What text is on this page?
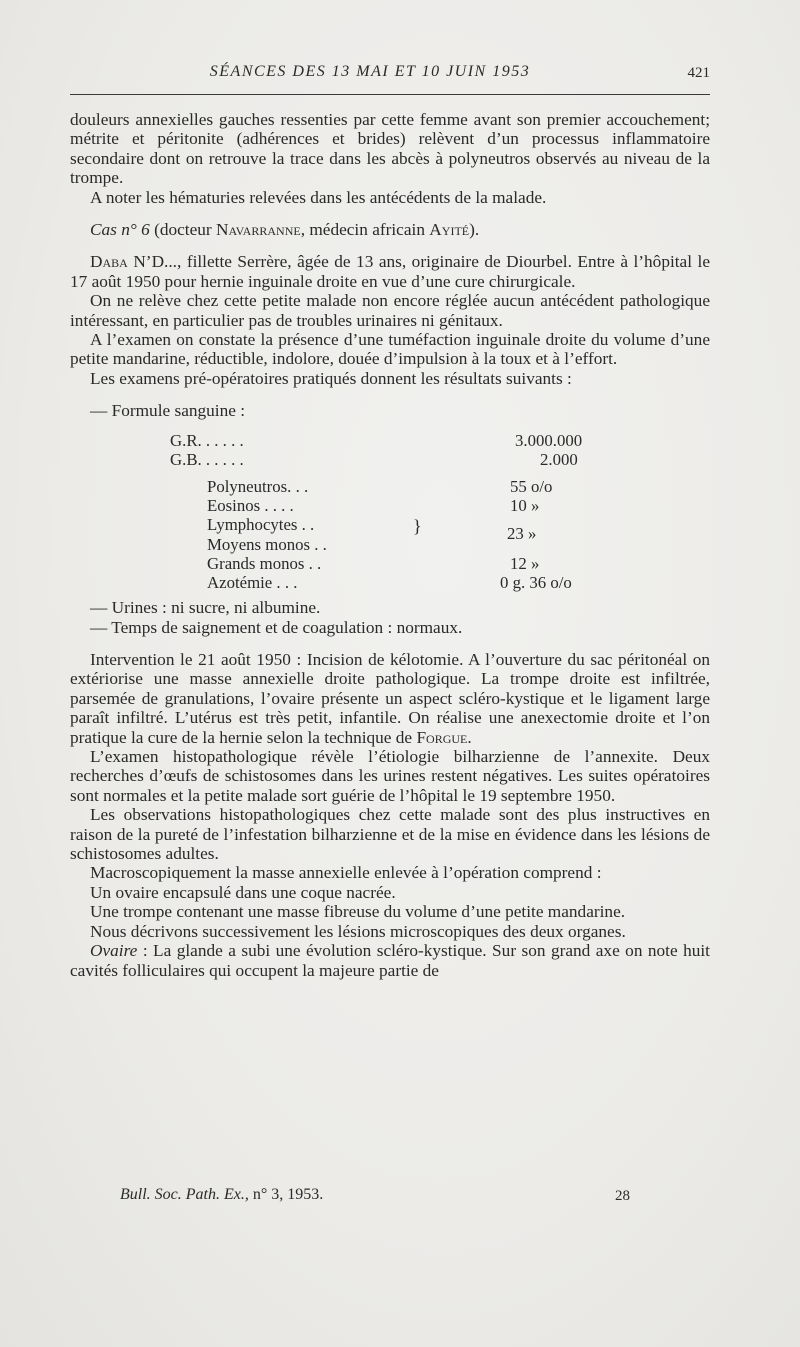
SÉANCES DES 13 MAI ET 10 JUIN 1953	421

douleurs annexielles gauches ressenties par cette femme avant son premier accouchement; métrite et péritonite (adhérences et brides) relèvent d’un processus inflammatoire secondaire dont on retrouve la trace dans les abcès à polyneutros observés au niveau de la trompe.

A noter les hématuries relevées dans les antécédents de la malade.

Cas n° 6 (docteur Navarranne, médecin africain Ayité).

Daba N’D..., fillette Serrère, âgée de 13 ans, originaire de Diourbel. Entre à l’hôpital le 17 août 1950 pour hernie inguinale droite en vue d’une cure chirurgicale.

On ne relève chez cette petite malade non encore réglée aucun antécédent pathologique intéressant, en particulier pas de troubles urinaires ni génitaux.

A l’examen on constate la présence d’une tuméfaction inguinale droite du volume d’une petite mandarine, réductible, indolore, douée d’impulsion à la toux et à l’effort.

Les examens pré-opératoires pratiqués donnent les résultats suivants :

— Formule sanguine :

G.R. . . . . .	3.000.000
G.B. . . . . .	2.000
Polyneutros. . .	55 o/o
Eosinos . . . .	10 »
Lymphocytes . .
Moyens monos . .
}	23 »
Grands monos . .	12 »
Azotémie . . .	0 g. 36 o/o

— Urines : ni sucre, ni albumine.

— Temps de saignement et de coagulation : normaux.

Intervention le 21 août 1950 : Incision de kélotomie. A l’ouverture du sac péritonéal on extériorise une masse annexielle droite pathologique. La trompe droite est infiltrée, parsemée de granulations, l’ovaire présente un aspect scléro-kystique et le ligament large paraît infiltré. L’utérus est très petit, infantile. On réalise une anexectomie droite et l’on pratique la cure de la hernie selon la technique de Forgue.

L’examen histopathologique révèle l’étiologie bilharzienne de l’annexite. Deux recherches d’œufs de schistosomes dans les urines restent négatives. Les suites opératoires sont normales et la petite malade sort guérie de l’hôpital le 19 septembre 1950.

Les observations histopathologiques chez cette malade sont des plus instructives en raison de la pureté de l’infestation bilharzienne et de la mise en évidence dans les lésions de schistosomes adultes.

Macroscopiquement la masse annexielle enlevée à l’opération comprend :

Un ovaire encapsulé dans une coque nacrée.

Une trompe contenant une masse fibreuse du volume d’une petite mandarine.

Nous décrivons successivement les lésions microscopiques des deux organes.

Ovaire : La glande a subi une évolution scléro-kystique. Sur son grand axe on note huit cavités folliculaires qui occupent la majeure partie de

Bull. Soc. Path. Ex., n° 3, 1953.	28
